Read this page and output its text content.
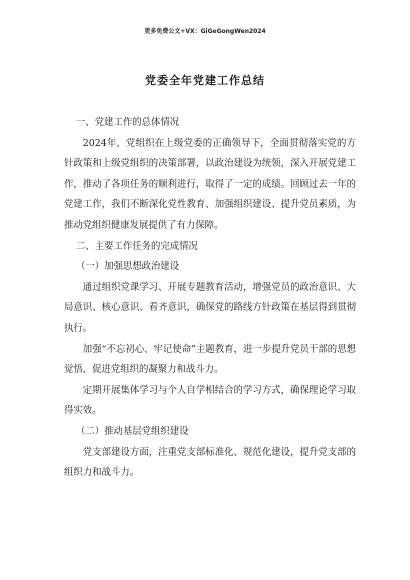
更多免费公文+VX：GiGeGongWen2024
党委全年党建工作总结

一、党建工作的总体情况

2024年，党组织在上级党委的正确领导下，全面贯彻落实党的方针政策和上级党组织的决策部署，以政治建设为统领，深入开展党建工作，推动了各项任务的顺利进行，取得了一定的成绩。回顾过去一年的党建工作，我们不断深化党性教育、加强组织建设、提升党员素质，为推动党组织健康发展提供了有力保障。

二、主要工作任务的完成情况

（一）加强思想政治建设

通过组织党课学习、开展专题教育活动，增强党员的政治意识、大局意识、核心意识、看齐意识，确保党的路线方针政策在基层得到贯彻执行。

加强“不忘初心、牢记使命”主题教育，进一步提升党员干部的思想觉悟，促进党组织的凝聚力和战斗力。

定期开展集体学习与个人自学相结合的学习方式，确保理论学习取得实效。

（二）推动基层党组织建设

党支部建设方面，注重党支部标准化、规范化建设，提升党支部的组织力和战斗力。
